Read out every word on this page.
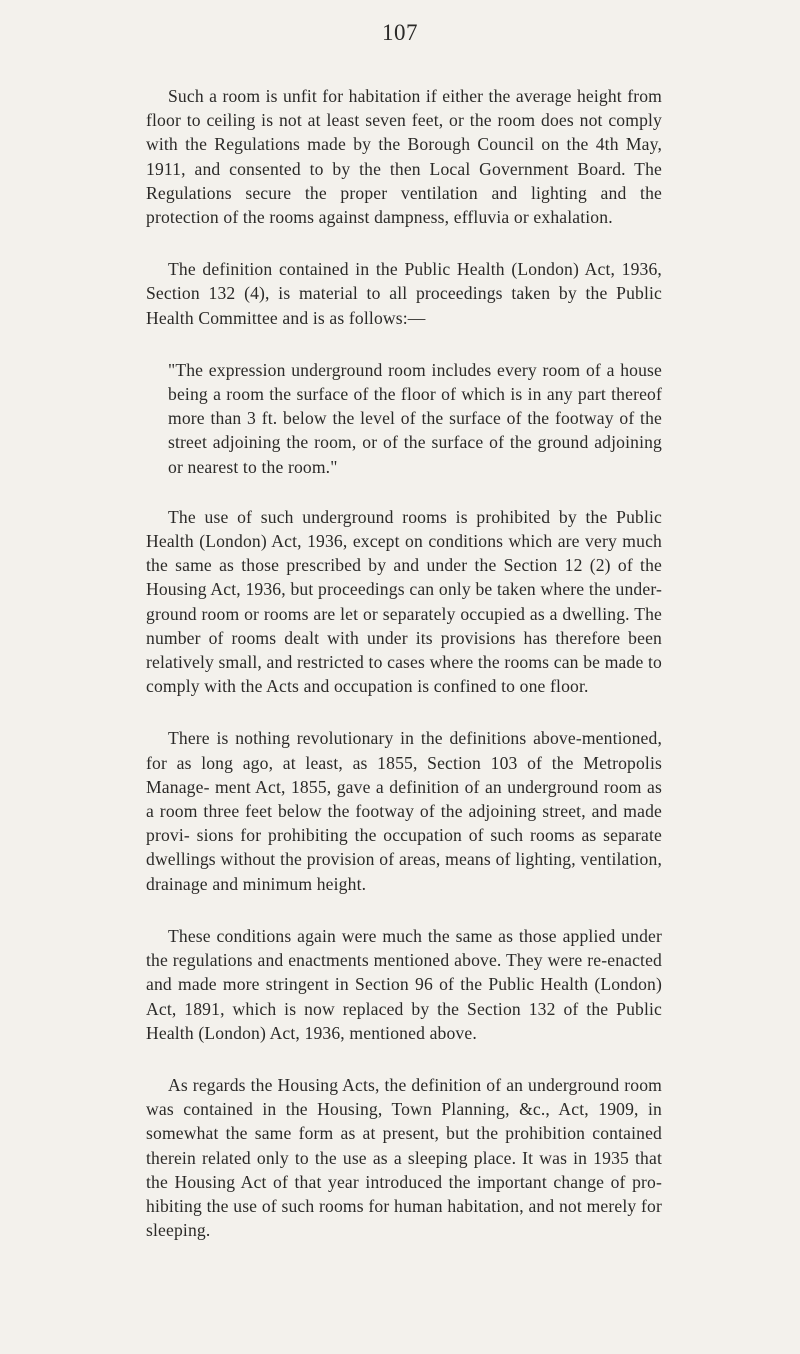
107

Such a room is unfit for habitation if either the average height from floor to ceiling is not at least seven feet, or the room does not comply with the Regulations made by the Borough Council on the 4th May, 1911, and consented to by the then Local Government Board. The Regulations secure the proper ventilation and lighting and the protection of the rooms against dampness, effluvia or exhalation.

The definition contained in the Public Health (London) Act, 1936, Section 132 (4), is material to all proceedings taken by the Public Health Committee and is as follows:—

"The expression underground room includes every room of a house being a room the surface of the floor of which is in any part thereof more than 3 ft. below the level of the surface of the footway of the street adjoining the room, or of the surface of the ground adjoining or nearest to the room."

The use of such underground rooms is prohibited by the Public Health (London) Act, 1936, except on conditions which are very much the same as those prescribed by and under the Section 12 (2) of the Housing Act, 1936, but proceedings can only be taken where the under- ground room or rooms are let or separately occupied as a dwelling. The number of rooms dealt with under its provisions has therefore been relatively small, and restricted to cases where the rooms can be made to comply with the Acts and occupation is confined to one floor.

There is nothing revolutionary in the definitions above-mentioned, for as long ago, at least, as 1855, Section 103 of the Metropolis Manage- ment Act, 1855, gave a definition of an underground room as a room three feet below the footway of the adjoining street, and made provi- sions for prohibiting the occupation of such rooms as separate dwellings without the provision of areas, means of lighting, ventilation, drainage and minimum height.

These conditions again were much the same as those applied under the regulations and enactments mentioned above. They were re-enacted and made more stringent in Section 96 of the Public Health (London) Act, 1891, which is now replaced by the Section 132 of the Public Health (London) Act, 1936, mentioned above.

As regards the Housing Acts, the definition of an underground room was contained in the Housing, Town Planning, &c., Act, 1909, in somewhat the same form as at present, but the prohibition contained therein related only to the use as a sleeping place. It was in 1935 that the Housing Act of that year introduced the important change of pro- hibiting the use of such rooms for human habitation, and not merely for sleeping.
